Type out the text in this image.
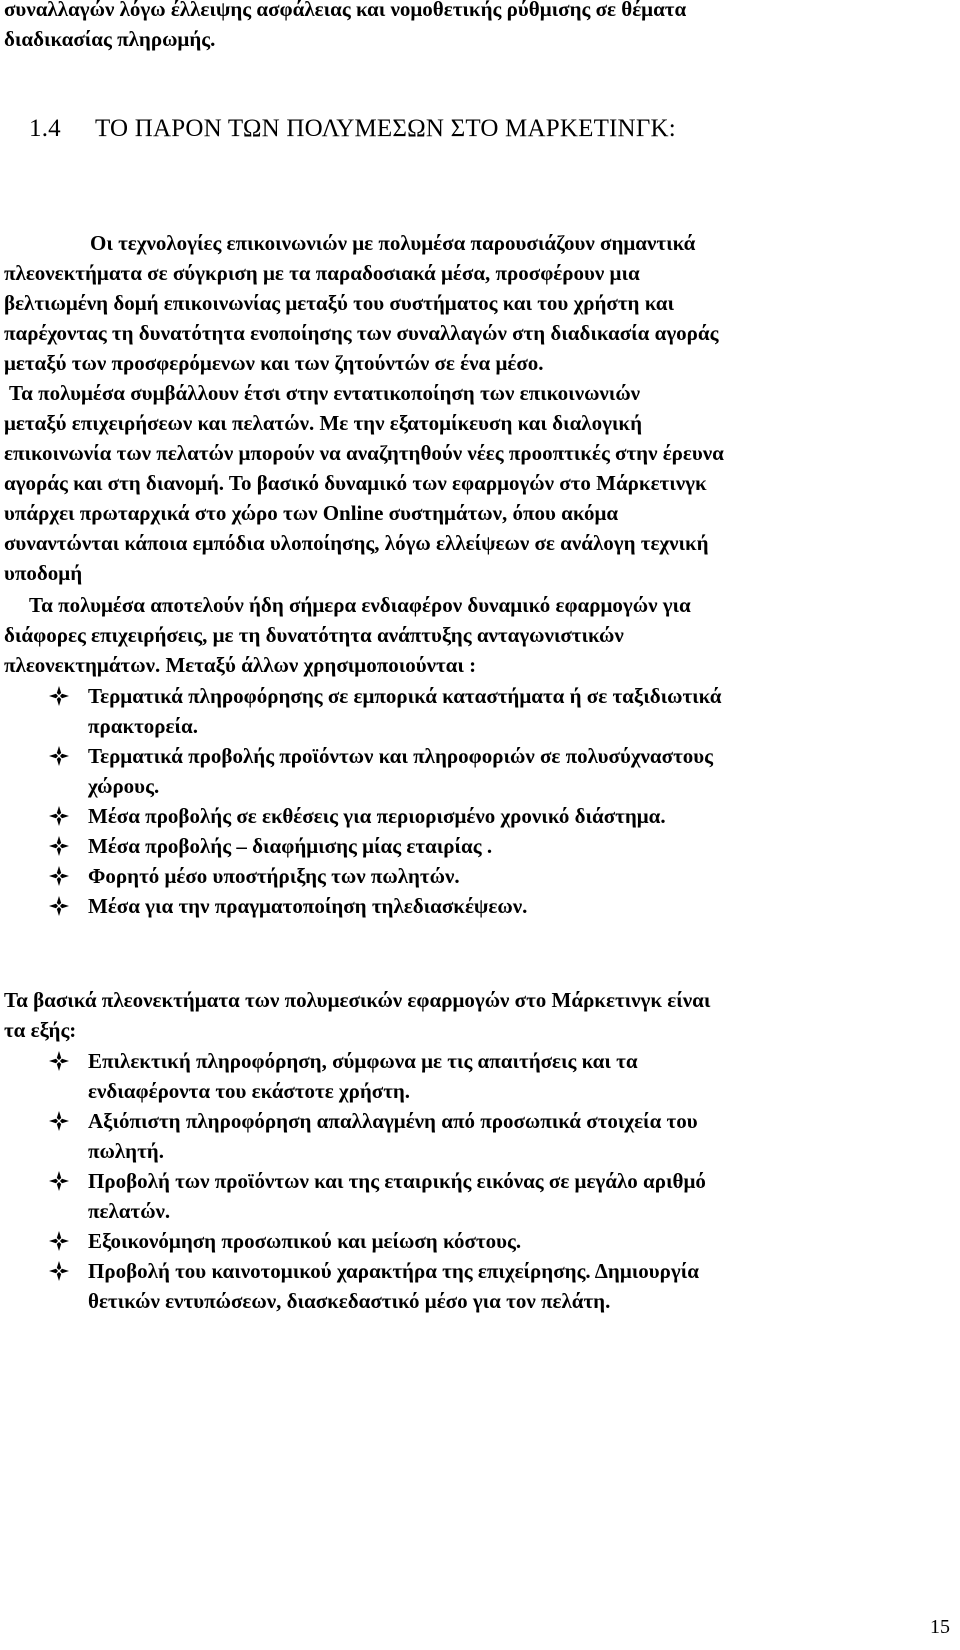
συναλλαγών λόγω έλλειψης ασφάλειας και νομοθετικής ρύθμισης σε θέματα
διαδικασίας πληρωμής.
1.4 ΤΟ ΠΑΡΟΝ ΤΩΝ ΠΟΛΥΜΕΣΩΝ ΣΤΟ ΜΑΡΚΕΤΙΝΓΚ:
Οι τεχνολογίες επικοινωνιών με πολυμέσα παρουσιάζουν σημαντικά
πλεονεκτήματα σε σύγκριση με τα παραδοσιακά μέσα, προσφέρουν μια
βελτιωμένη δομή επικοινωνίας μεταξύ του συστήματος και του χρήστη και
παρέχοντας τη δυνατότητα ενοποίησης των συναλλαγών στη διαδικασία αγοράς
μεταξύ των προσφερόμενων και των ζητούντών σε ένα μέσο.
Τα πολυμέσα συμβάλλουν έτσι στην εντατικοποίηση των επικοινωνιών
μεταξύ επιχειρήσεων και πελατών. Με την εξατομίκευση και διαλογική
επικοινωνία των πελατών μπορούν να αναζητηθούν νέες προοπτικές στην έρευνα
αγοράς και στη διανομή. Το βασικό δυναμικό των εφαρμογών στο Μάρκετινγκ
υπάρχει πρωταρχικά στο χώρο των Online συστημάτων, όπου ακόμα
συναντώνται κάποια εμπόδια υλοποίησης, λόγω ελλείψεων σε ανάλογη τεχνική
υποδομή
Τα πολυμέσα αποτελούν ήδη σήμερα ενδιαφέρον δυναμικό εφαρμογών για
διάφορες επιχειρήσεις, με τη δυνατότητα ανάπτυξης ανταγωνιστικών
πλεονεκτημάτων. Μεταξύ άλλων χρησιμοποιούνται :
Τερματικά πληροφόρησης σε εμπορικά καταστήματα ή σε ταξιδιωτικά
πρακτορεία.
Τερματικά προβολής προϊόντων και πληροφοριών σε πολυσύχναστους
χώρους.
Μέσα προβολής σε εκθέσεις για περιορισμένο χρονικό διάστημα.
Μέσα προβολής – διαφήμισης μίας εταιρίας .
Φορητό μέσο υποστήριξης των πωλητών.
Μέσα για την πραγματοποίηση τηλεδιασκέψεων.
Τα βασικά πλεονεκτήματα των πολυμεσικών εφαρμογών στο Μάρκετινγκ είναι
τα εξής:
Επιλεκτική πληροφόρηση, σύμφωνα με τις απαιτήσεις και τα
ενδιαφέροντα του εκάστοτε χρήστη.
Αξιόπιστη πληροφόρηση απαλλαγμένη από προσωπικά στοιχεία του
πωλητή.
Προβολή των προϊόντων και της εταιρικής εικόνας σε μεγάλο αριθμό
πελατών.
Εξοικονόμηση προσωπικού και μείωση κόστους.
Προβολή του καινοτομικού χαρακτήρα της επιχείρησης. Δημιουργία
θετικών εντυπώσεων, διασκεδαστικό μέσο για τον πελάτη.
15
